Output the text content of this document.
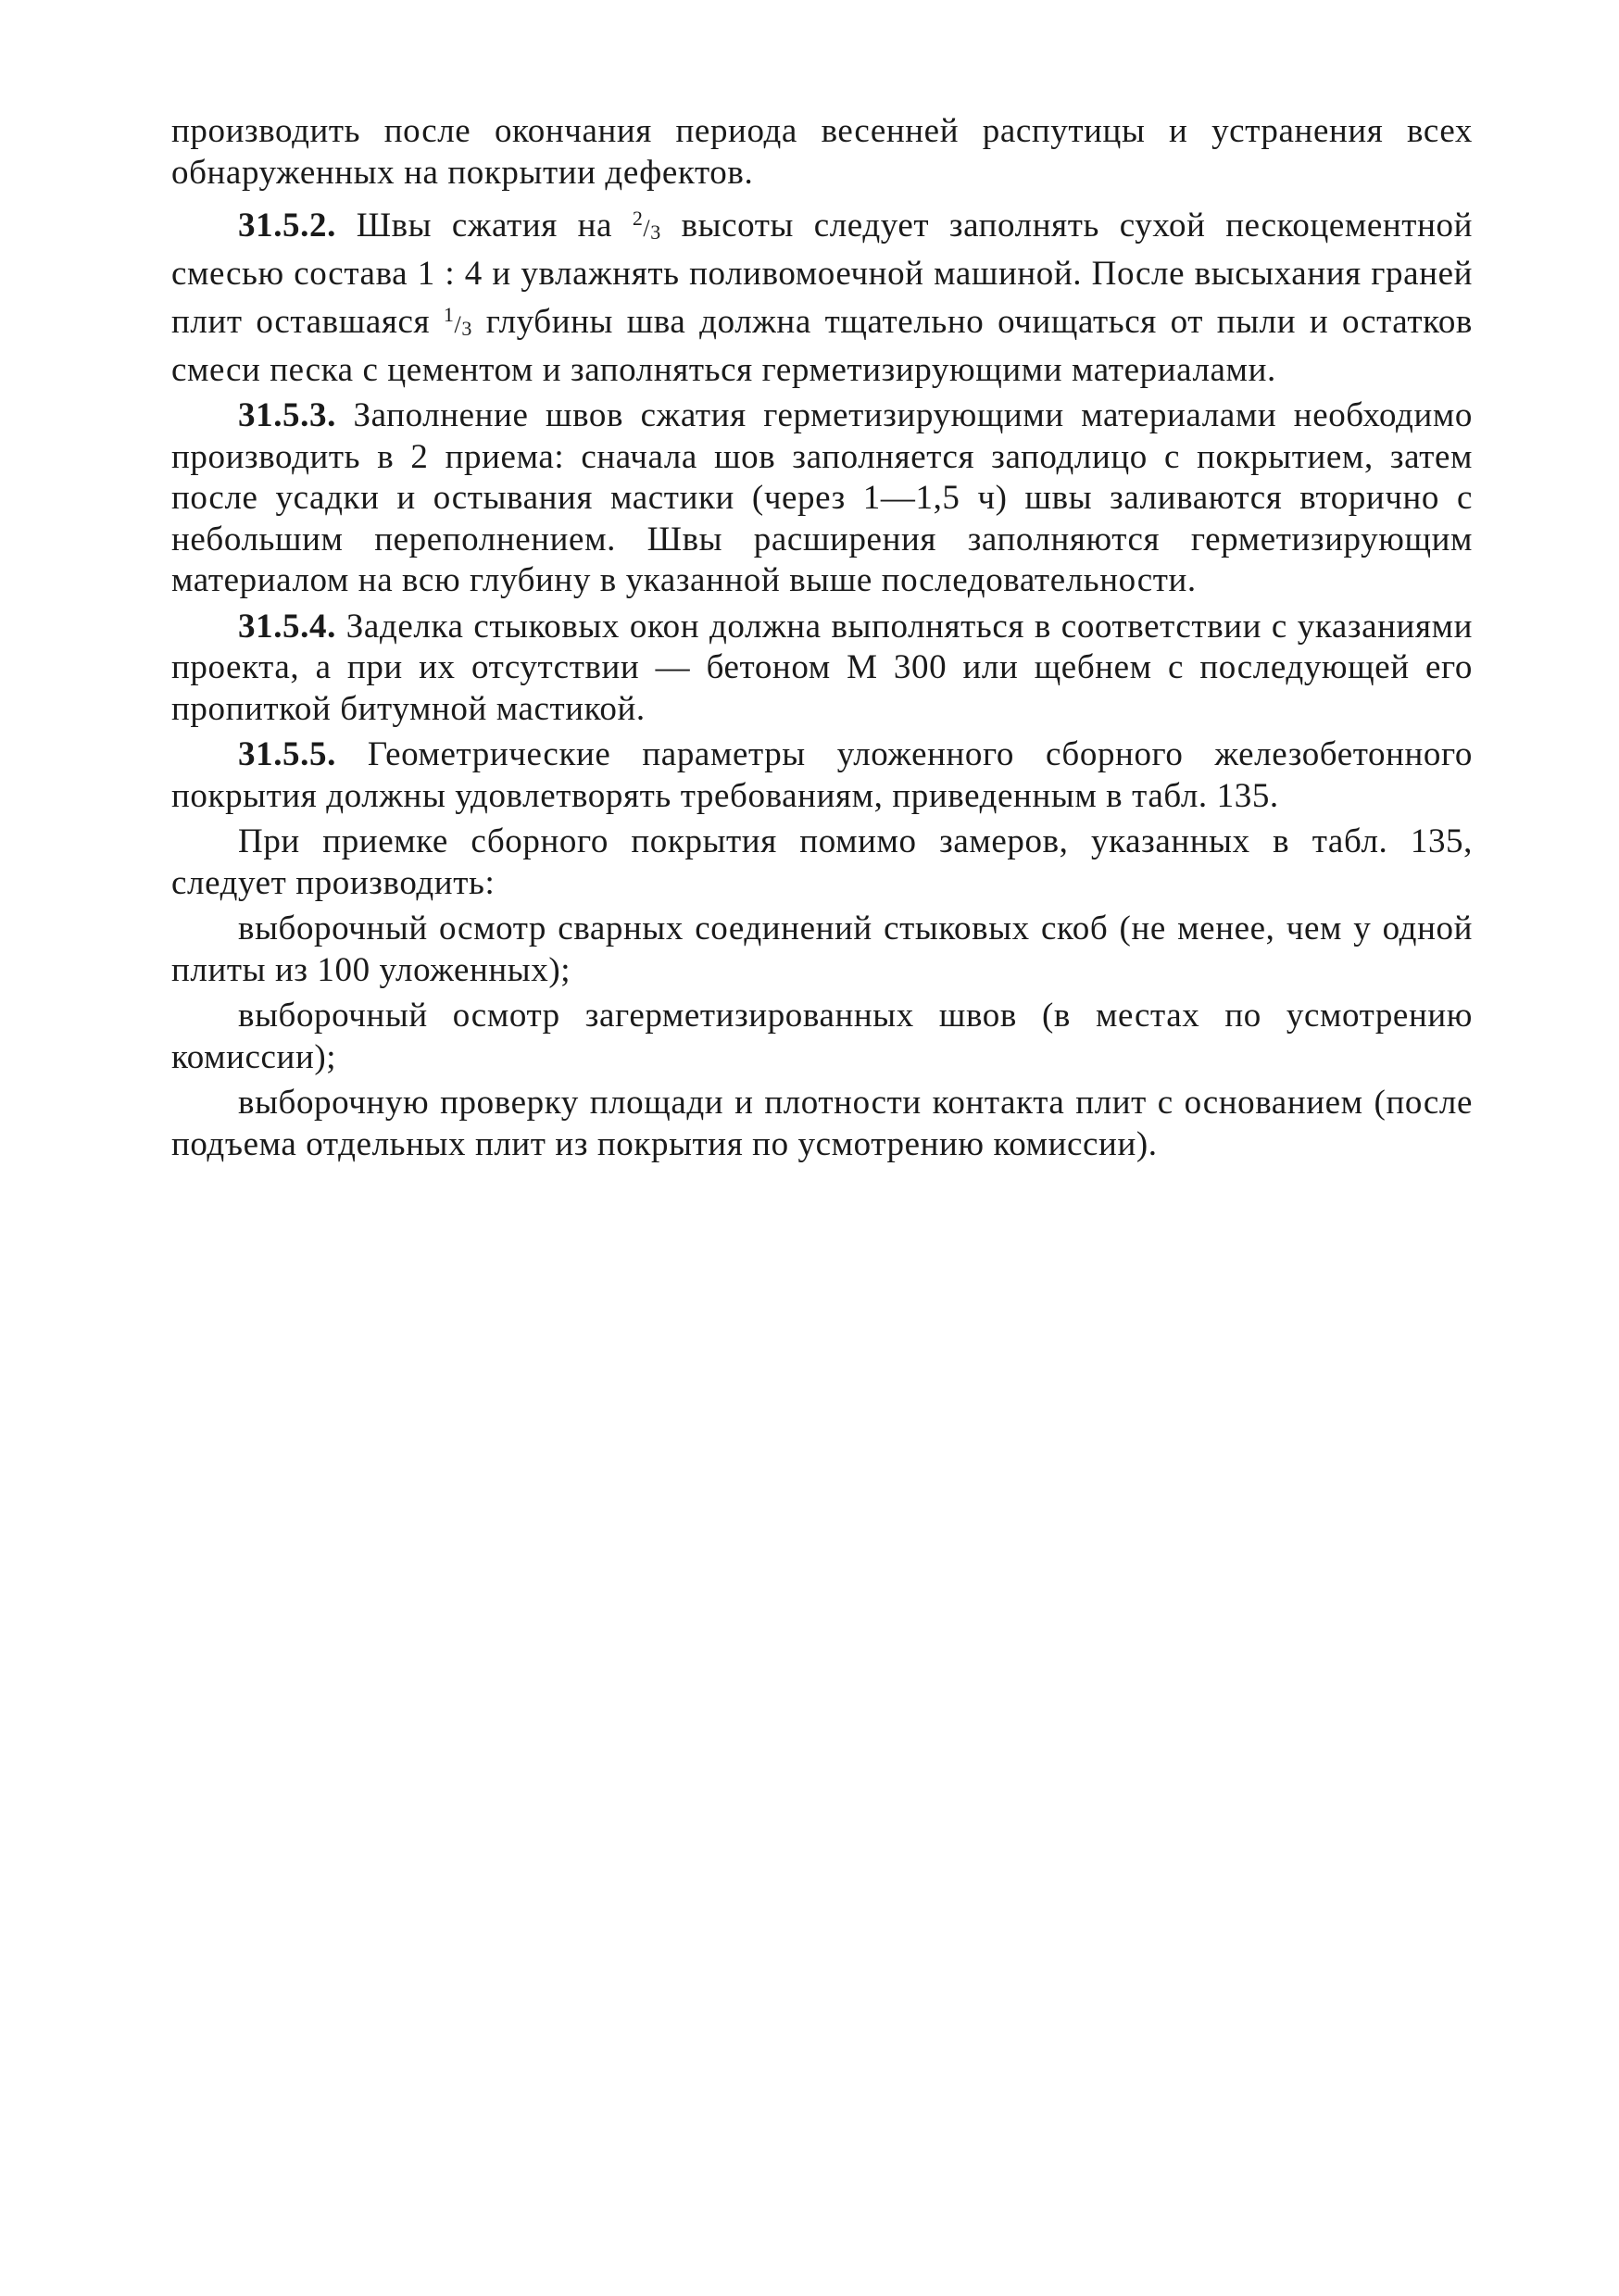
производить после окончания периода весенней распутицы и устранения всех обнаруженных на покрытии дефектов.

31.5.2. Швы сжатия на $^2/_3$ высоты следует заполнять сухой пескоцементной смесью состава 1 : 4 и увлажнять поливомоечной машиной. После высыхания граней плит оставшаяся $^1/_3$ глубины шва должна тщательно очищаться от пыли и остатков смеси песка с цементом и заполняться герметизирующими материалами.

31.5.3. Заполнение швов сжатия герметизирующими материалами необходимо производить в 2 приема: сначала шов заполняется заподлицо с покрытием, затем после усадки и остывания мастики (через 1—1,5 ч) швы заливаются вторично с небольшим переполнением. Швы расширения заполняются герметизирующим материалом на всю глубину в указанной выше последовательности.

31.5.4. Заделка стыковых окон должна выполняться в соответствии с указаниями проекта, а при их отсутствии — бетоном М 300 или щебнем с последующей его пропиткой битумной мастикой.

31.5.5. Геометрические параметры уложенного сборного железобетонного покрытия должны удовлетворять требованиям, приведенным в табл. 135.

При приемке сборного покрытия помимо замеров, указанных в табл. 135, следует производить:

выборочный осмотр сварных соединений стыковых скоб (не менее, чем у одной плиты из 100 уложенных);

выборочный осмотр загерметизированных швов (в местах по усмотрению комиссии);

выборочную проверку площади и плотности контакта плит с основанием (после подъема отдельных плит из покрытия по усмотрению комиссии).
